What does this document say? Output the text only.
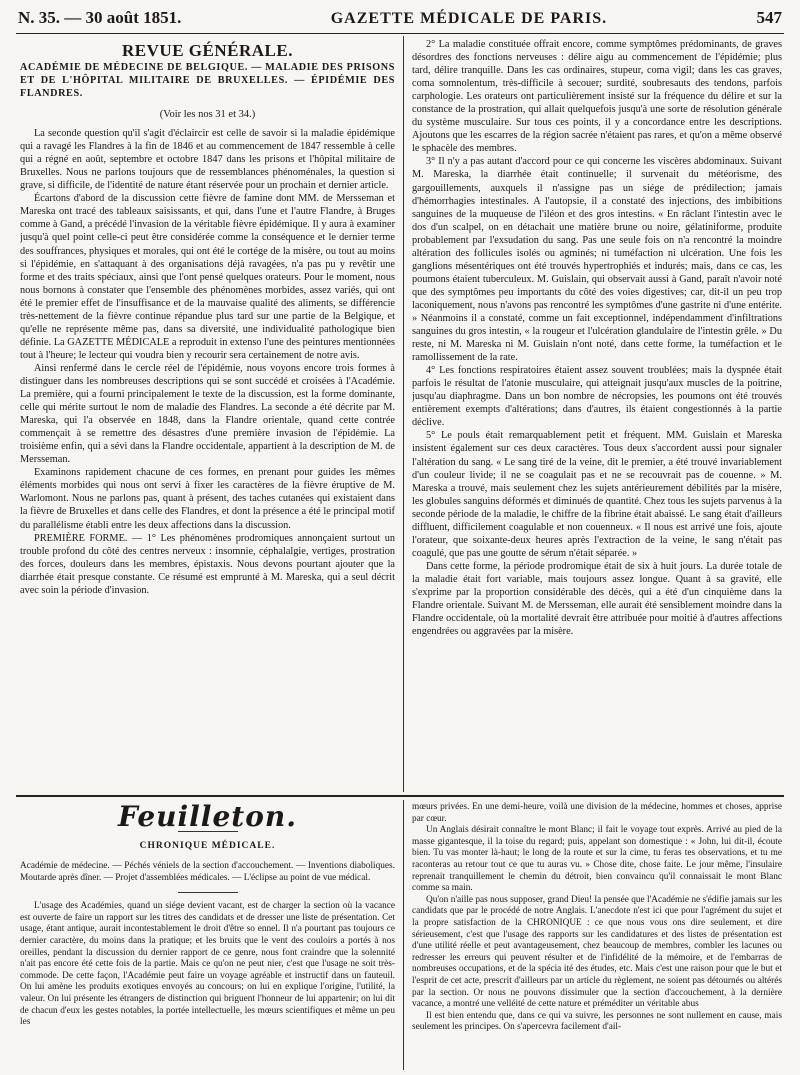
N. 35. — 30 août 1851.	GAZETTE MÉDICALE DE PARIS.	547
REVUE GÉNÉRALE.
ACADÉMIE DE MÉDECINE DE BELGIQUE. — MALADIE DES PRISONS ET DE L'HÔPITAL MILITAIRE DE BRUXELLES. — ÉPIDÉMIE DES FLANDRES.
(Voir les nos 31 et 34.)

La seconde question qu'il s'agit d'éclaircir est celle de savoir si la maladie épidémique qui a ravagé les Flandres à la fin de 1846 et au commencement de 1847 ressemble à celle qui a régné en août, septembre et octobre 1847 dans les prisons et l'hôpital militaire de Bruxelles. Nous ne parlons toujours que de ressemblances phénoménales, la question si grave, si difficile, de l'identité de nature étant réservée pour un prochain et dernier article.

Écartons d'abord de la discussion cette fièvre de famine dont MM. de Mersseman et Mareska ont tracé des tableaux saisissants, et qui, dans l'une et l'autre Flandre, à Bruges comme à Gand, a précédé l'invasion de la véritable fièvre épidémique. Il y aura à examiner jusqu'à quel point celle-ci peut être considérée comme la conséquence et le dernier terme des souffrances, physiques et morales, qui ont été le cortége de la misère, ou tout au moins si l'épidémie, en s'attaquant à des organisations déjà ravagées, n'a pas pu y revêtir une forme et des traits spéciaux, ainsi que l'ont pensé quelques orateurs. Pour le moment, nous nous bornons à constater que l'ensemble des phénomènes morbides, assez variés, qui ont été le premier effet de l'insuffisance et de la mauvaise qualité des aliments, se différencie très-nettement de la fièvre continue répandue plus tard sur une partie de la Belgique, et qu'elle ne représente même pas, dans sa diversité, une individualité pathologique bien définie. La GAZETTE MÉDICALE a reproduit in extenso l'une des peintures mentionnées tout à l'heure; le lecteur qui voudra bien y recourir sera certainement de notre avis.

Ainsi renfermé dans le cercle réel de l'épidémie, nous voyons encore trois formes à distinguer dans les nombreuses descriptions qui se sont succédé et croisées à l'Académie. La première, qui a fourni principalement le texte de la discussion, est la forme dominante, celle qui mérite surtout le nom de maladie des Flandres. La seconde a été décrite par M. Mareska, qui l'a observée en 1848, dans la Flandre orientale, quand cette contrée commençait à se remettre des désastres d'une première invasion de l'épidémie. La troisième enfin, qui a sévi dans la Flandre occidentale, appartient à la description de M. de Mersseman.

Examinons rapidement chacune de ces formes, en prenant pour guides les mêmes éléments morbides qui nous ont servi à fixer les caractères de la fièvre éruptive de M. Warlomont. Nous ne parlons pas, quant à présent, des taches cutanées qui existaient dans la fièvre de Bruxelles et dans celle des Flandres, et dont la présence a été le principal motif du parallélisme établi entre les deux affections dans la discussion.

PREMIÈRE FORME. — 1° Les phénomènes prodromiques annonçaient surtout un trouble profond du côté des centres nerveux : insomnie, céphalalgie, vertiges, prostration des forces, douleurs dans les membres, épistaxis. Nous devons pourtant ajouter que la diarrhée était presque constante. Ce résumé est emprunté à M. Mareska, qui a seul décrit avec soin la période d'invasion.

2° La maladie constituée offrait encore, comme symptômes prédominants, de graves désordres des fonctions nerveuses : délire aigu au commencement de l'épidémie; plus tard, délire tranquille. Dans les cas ordinaires, stupeur, coma vigil; dans les cas graves, coma somnolentum, très-difficile à secouer; surdité, soubresauts des tendons, parfois carphologie. Les orateurs ont particulièrement insisté sur la fréquence du délire et sur la constance de la prostration, qui allait quelquefois jusqu'à une sorte de résolution générale du système musculaire. Sur tous ces points, il y a concordance entre les descriptions. Ajoutons que les escarres de la région sacrée n'étaient pas rares, et qu'on a même observé le sphacèle des membres.

3° Il n'y a pas autant d'accord pour ce qui concerne les viscères abdominaux. Suivant M. Mareska, la diarrhée était continuelle; il survenait du météorisme, des gargouillements, auxquels il n'assigne pas un siége de prédilection; jamais d'hémorrhagies intestinales. A l'autopsie, il a constaté des injections, des imbibitions sanguines de la muqueuse de l'iléon et des gros intestins. « En râclant l'intestin avec le dos d'un scalpel, on en détachait une matière brune ou noire, gélatiniforme, produite probablement par l'exsudation du sang. Pas une seule fois on n'a rencontré la moindre altération des follicules isolés ou agminés; ni tuméfaction ni ulcération. Une fois les ganglions mésentériques ont été trouvés hypertrophiés et indurés; mais, dans ce cas, les poumons étaient tuberculeux. M. Guislain, qui observait aussi à Gand, paraît n'avoir noté que des symptômes peu importants du côté des voies digestives; car, dit-il un peu trop laconiquement, nous n'avons pas rencontré les symptômes d'une gastrite ni d'une entérite. » Néanmoins il a constaté, comme un fait exceptionnel, indépendamment d'infiltrations sanguines du gros intestin, « la rougeur et l'ulcération glandulaire de l'intestin grêle. » Du reste, ni M. Mareska ni M. Guislain n'ont noté, dans cette forme, la tuméfaction et le ramollissement de la rate.

4° Les fonctions respiratoires étaient assez souvent troublées; mais la dyspnée était parfois le résultat de l'atonie musculaire, qui atteignait jusqu'aux muscles de la poitrine, jusqu'au diaphragme. Dans un bon nombre de nécropsies, les poumons ont été trouvés entièrement exempts d'altérations; dans d'autres, ils étaient congestionnés à la partie déclive.

5° Le pouls était remarquablement petit et fréquent. MM. Guislain et Mareska insistent également sur ces deux caractères. Tous deux s'accordent aussi pour signaler l'altération du sang. « Le sang tiré de la veine, dit le premier, a été trouvé invariablement d'un couleur livide; il ne se coagulait pas et ne se recouvrait pas de couenne. » M. Mareska a trouvé, mais seulement chez les sujets antérieurement débilités par la misère, les globules sanguins déformés et diminués de quantité. Chez tous les sujets parvenus à la seconde période de la maladie, le chiffre de la fibrine était abaissé. Le sang était d'ailleurs diffluent, difficilement coagulable et non couenneux. « Il nous est arrivé une fois, ajoute l'orateur, que soixante-deux heures après l'extraction de la veine, le sang n'était pas coagulé, que pas une goutte de sérum n'était séparée. »

Dans cette forme, la période prodromique était de six à huit jours. La durée totale de la maladie était fort variable, mais toujours assez longue. Quant à sa gravité, elle s'exprime par la proportion considérable des décès, qui a été d'un cinquième dans la Flandre orientale. Suivant M. de Mersseman, elle aurait été sensiblement moindre dans la Flandre occidentale, où la mortalité devrait être attribuée pour moitié à d'autres affections engendrées ou aggravées par la misère.

Feuilleton.
CHRONIQUE MÉDICALE.
Académie de médecine. — Péchés véniels de la section d'accouchement. — Inventions diaboliques. Moutarde après dîner. — Projet d'assemblées médicales. — L'éclipse au point de vue médical.

L'usage des Académies, quand un siége devient vacant, est de charger la section où la vacance est ouverte de faire un rapport sur les titres des candidats et de dresser une liste de présentation. Cet usage, étant antique, aurait incontestablement le droit d'être so ennel. Il n'a pourtant pas toujours ce dernier caractère, du moins dans la pratique; et les bruits que le vent des couloirs a portés à nos oreilles, pendant la discussion du dernier rapport de ce genre, nous font craindre que la solennité n'ait pas encore été cette fois de la partie. Mais ce qu'on ne peut nier, c'est que l'usage ne soit très-commode. De cette façon, l'Académie peut faire un voyage agréable et instructif dans un fauteuil. On lui amène les produits exotiques envoyés au concours; on lui en explique l'origine, l'utilité, la valeur. On lui présente les étrangers de distinction qui briguent l'honneur de lui appartenir; on lui dit de chacun d'eux les gestes notables, la portée intellectuelle, les mœurs scientifiques et même un peu les

mœurs privées. En une demi-heure, voilà une division de la médecine, hommes et choses, apprise par cœur.

Un Anglais désirait connaître le mont Blanc; il fait le voyage tout exprès. Arrivé au pied de la masse gigantesque, il la toise du regard; puis, appelant son domestique : « John, lui dit-il, écoute bien. Tu vas monter là-haut; le long de la route et sur la cime, tu feras tes observations, et tu me raconteras au retour tout ce que tu auras vu. » Chose dite, chose faite. Le jour même, l'insulaire reprenait tranquillement le chemin du détroit, bien convaincu qu'il connaissait le mont Blanc comme sa main.

Qu'on n'aille pas nous supposer, grand Dieu! la pensée que l'Académie ne s'édifie jamais sur les candidats que par le procédé de notre Anglais. L'anecdote n'est ici que pour l'agrément du sujet et la propre satisfaction de la CHRONIQUE : ce que nous vous ons dire seulement, et dire sérieusement, c'est que l'usage des rapports sur les candidatures et des listes de présentation est d'une utilité réelle et peut avantageusement, chez beaucoup de membres, combler les lacunes ou redresser les erreurs qui peuvent résulter et de l'infidélité de la mémoire, et de l'embarras de nombreuses occupations, et de la spécia ité des études, etc. Mais c'est une raison pour que le but et l'esprit de cet acte, prescrit d'ailleurs par un article du règlement, ne soient pas détournés ou altérés par la section. Or nous ne pouvons dissimuler que la section d'accouchement, à la dernière vacance, a montré une velléité de cette nature et préméditer un véritable abus

Il est bien entendu que, dans ce qui va suivre, les personnes ne sont nullement en cause, mais seulement les principes. On s'apercevra facilement d'ail-
